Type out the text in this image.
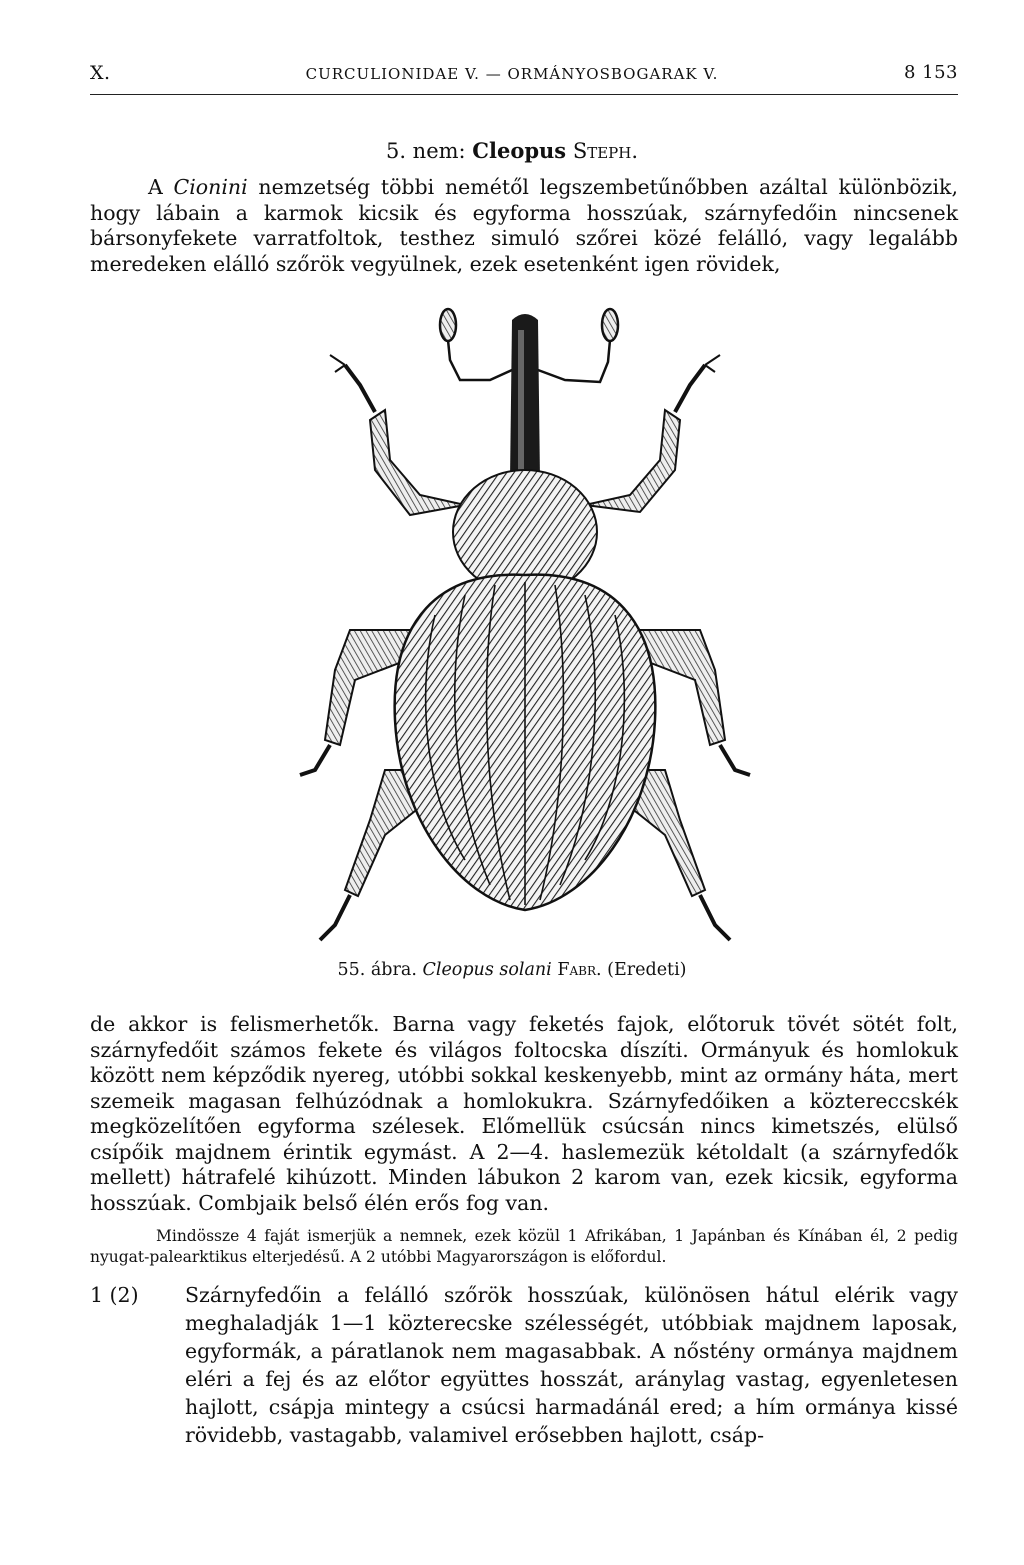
X.	CURCULIONIDAE V. — ORMÁNYOSBOGARAK V.	8 153
5. nem: Cleopus Steph.

A Cionini nemzetség többi nemétől legszembetűnőbben azáltal különbözik, hogy lábain a karmok kicsik és egyforma hosszúak, szárnyfedőin nincsenek bársonyfekete varratfoltok, testhez simuló szőrei közé felálló, vagy legalább meredeken elálló szőrök vegyülnek, ezek esetenként igen rövidek,

55. ábra. Cleopus solani Fabr. (Eredeti)

de akkor is felismerhetők. Barna vagy feketés fajok, előtoruk tövét sötét folt, szárnyfedőit számos fekete és világos foltocska díszíti. Ormányuk és homlokuk között nem képződik nyereg, utóbbi sokkal keskenyebb, mint az ormány háta, mert szemeik magasan felhúzódnak a homlokukra. Szárnyfedőiken a köztereccskék megközelítően egyforma szélesek. Előmellük csúcsán nincs kimetszés, elülső csípőik majdnem érintik egymást. A 2—4. haslemezük kétoldalt (a szárnyfedők mellett) hátrafelé kihúzott. Minden lábukon 2 karom van, ezek kicsik, egyforma hosszúak. Combjaik belső élén erős fog van.

Mindössze 4 faját ismerjük a nemnek, ezek közül 1 Afrikában, 1 Japánban és Kínában él, 2 pedig nyugat-palearktikus elterjedésű. A 2 utóbbi Magyarországon is előfordul.

1 (2)	Szárnyfedőin a felálló szőrök hosszúak, különösen hátul elérik vagy meghaladják 1—1 közterecske szélességét, utóbbiak majdnem laposak, egyformák, a páratlanok nem magasabbak. A nőstény ormánya majdnem eléri a fej és az előtor együttes hosszát, aránylag vastag, egyenletesen hajlott, csápja mintegy a csúcsi harmadánál ered; a hím ormánya kissé rövidebb, vastagabb, valamivel erősebben hajlott, csáp-
